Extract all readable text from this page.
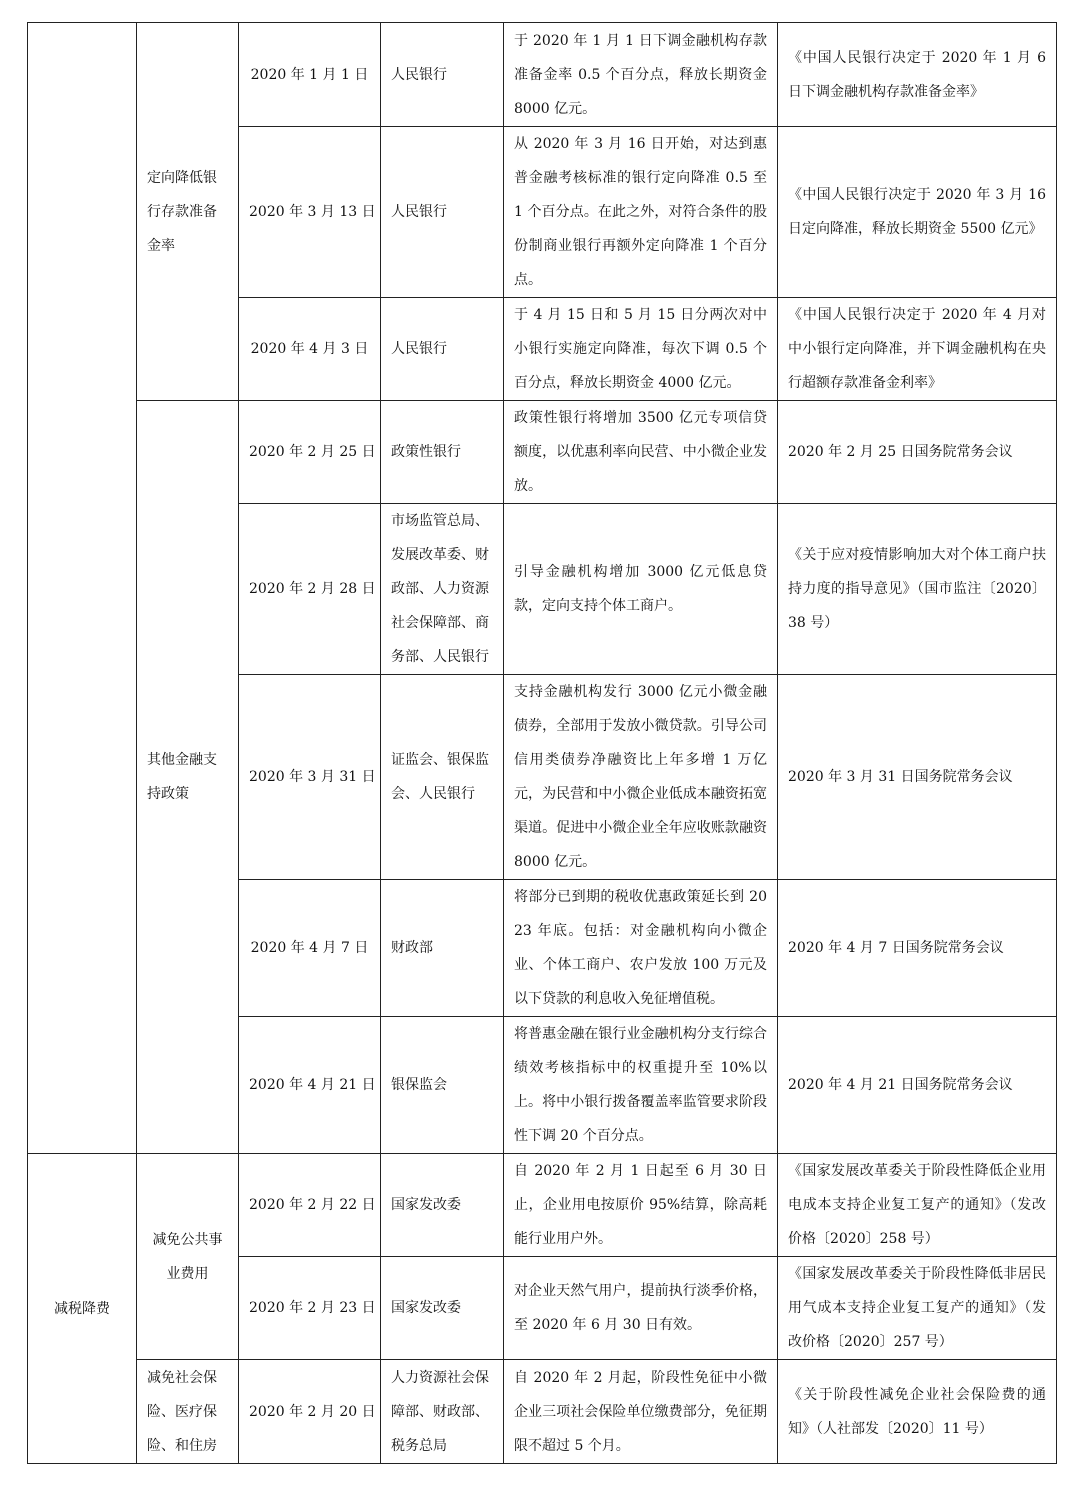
	定向降低银行存款准备金率	2020 年 1 月 1 日	人民银行	于 2020 年 1 月 1 日下调金融机构存款准备金率 0.5 个百分点，释放长期资金 8000 亿元。	《中国人民银行决定于 2020 年 1 月 6 日下调金融机构存款准备金率》
		2020 年 3 月 13 日	人民银行	从 2020 年 3 月 16 日开始，对达到惠普金融考核标准的银行定向降准 0.5 至 1 个百分点。在此之外，对符合条件的股份制商业银行再额外定向降准 1 个百分点。	《中国人民银行决定于 2020 年 3 月 16 日定向降准，释放长期资金 5500 亿元》
		2020 年 4 月 3 日	人民银行	于 4 月 15 日和 5 月 15 日分两次对中小银行实施定向降准，每次下调 0.5 个百分点，释放长期资金 4000 亿元。	《中国人民银行决定于 2020 年 4 月对中小银行定向降准，并下调金融机构在央行超额存款准备金利率》
	其他金融支持政策	2020 年 2 月 25 日	政策性银行	政策性银行将增加 3500 亿元专项信贷额度，以优惠利率向民营、中小微企业发放。	2020 年 2 月 25 日国务院常务会议
		2020 年 2 月 28 日	市场监管总局、发展改革委、财政部、人力资源社会保障部、商务部、人民银行	引导金融机构增加 3000 亿元低息贷款，定向支持个体工商户。	《关于应对疫情影响加大对个体工商户扶持力度的指导意见》（国市监注〔2020〕38 号）
		2020 年 3 月 31 日	证监会、银保监会、人民银行	支持金融机构发行 3000 亿元小微金融债券，全部用于发放小微贷款。引导公司信用类债券净融资比上年多增 1 万亿元，为民营和中小微企业低成本融资拓宽渠道。促进中小微企业全年应收账款融资 8000 亿元。	2020 年 3 月 31 日国务院常务会议
		2020 年 4 月 7 日	财政部	将部分已到期的税收优惠政策延长到 2023 年底。包括：对金融机构向小微企业、个体工商户、农户发放 100 万元及以下贷款的利息收入免征增值税。	2020 年 4 月 7 日国务院常务会议
		2020 年 4 月 21 日	银保监会	将普惠金融在银行业金融机构分支行综合绩效考核指标中的权重提升至 10%以上。将中小银行拨备覆盖率监管要求阶段性下调 20 个百分点。	2020 年 4 月 21 日国务院常务会议
减税降费	减免公共事业费用	2020 年 2 月 22 日	国家发改委	自 2020 年 2 月 1 日起至 6 月 30 日止，企业用电按原价 95%结算，除高耗能行业用户外。	《国家发展改革委关于阶段性降低企业用电成本支持企业复工复产的通知》（发改价格〔2020〕258 号）
		2020 年 2 月 23 日	国家发改委	对企业天然气用户，提前执行淡季价格，至 2020 年 6 月 30 日有效。	《国家发展改革委关于阶段性降低非居民用气成本支持企业复工复产的通知》（发改价格〔2020〕257 号）
	减免社会保险、医疗保险、和住房	2020 年 2 月 20 日	人力资源社会保障部、财政部、税务总局	自 2020 年 2 月起，阶段性免征中小微企业三项社会保险单位缴费部分，免征期限不超过 5 个月。	《关于阶段性减免企业社会保险费的通知》（人社部发〔2020〕11 号）
